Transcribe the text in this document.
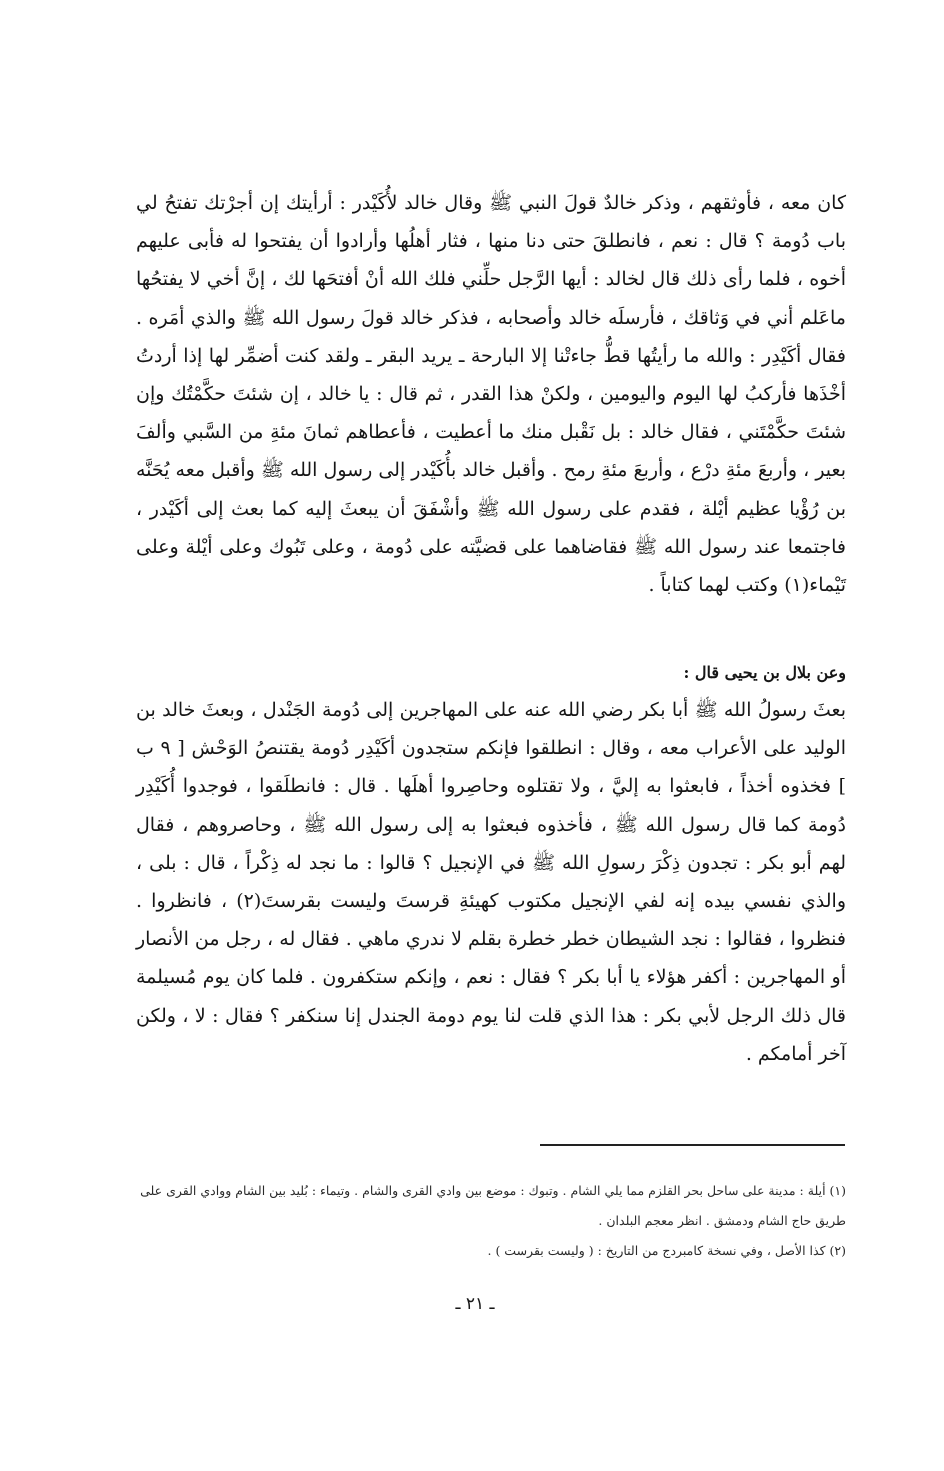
كان معه ، فأوثقهم ، وذكر خالدٌ قولَ النبي ﷺ وقال خالد لأُكَيْدر : أرأيتك إن أجرْتك تفتحُ لي باب دُومة ؟ قال : نعم ، فانطلقَ حتى دنا منها ، فثار أهلُها وأرادوا أن يفتحوا له فأبى عليهم أخوه ، فلما رأى ذلك قال لخالد : أيها الرَّجل حلِّني فلك الله أنْ أفتحَها لك ، إنَّ أخي لا يفتحُها ماعَلم أني في وَثاقك ، فأرسلَه خالد وأصحابه ، فذكر خالد قولَ رسول الله ﷺ والذي أمَره . فقال أكَيْدِر : والله ما رأيتُها قطُّ جاءتْنا إلا البارحة ـ يريد البقر ـ ولقد كنت أضمِّر لها إذا أردتُ أخْذَها فأركبُ لها اليوم واليومين ، ولكنْ هذا القدر ، ثم قال : يا خالد ، إن شئتَ حكَّمْتُك وإن شئتَ حكَّمْتَني ، فقال خالد : بل نَقْبل منك ما أعطيت ، فأعطاهم ثمانَ مئةِ من السَّبي وألفَ بعير ، وأربعَ مئةِ درْع ، وأربعَ مئةِ رمح . وأقبل خالد بأُكَيْدر إلى رسول الله ﷺ وأقبل معه يُحَنَّه بن رُؤْيا عظيم أيْلة ، فقدم على رسول الله ﷺ وأشْفَقَ أن يبعثَ إليه كما بعث إلى أكَيْدر ، فاجتمعا عند رسول الله ﷺ فقاضاهما على قضيَّته على دُومة ، وعلى تَبُوك وعلى أيْلة وعلى تَيْماء(١) وكتب لهما كتاباً .

وعن بلال بن يحيى قال :

بعثَ رسولُ الله ﷺ أبا بكر رضي الله عنه على المهاجرين إلى دُومة الجَنْدل ، وبعثَ خالد بن الوليد على الأعراب معه ، وقال : انطلقوا فإنكم ستجدون أكَيْدِر دُومة يقتنصُ الوَحْش [ ٩ ب ] فخذوه أخذاً ، فابعثوا به إليَّ ، ولا تقتلوه وحاصِروا أهلَها . قال : فانطلَقوا ، فوجدوا أُكَيْدِر دُومة كما قال رسول الله ﷺ ، فأخذوه فبعثوا به إلى رسول الله ﷺ ، وحاصروهم ، فقال لهم أبو بكر : تجدون ذِكْرَ رسولِ الله ﷺ في الإنجيل ؟ قالوا : ما نجد له ذِكْراً ، قال : بلى ، والذي نفسي بيده إنه لفي الإنجيل مكتوب كهيئةِ قرستَ وليست بقرستَ(٢) ، فانظروا . فنظروا ، فقالوا : نجد الشيطان خطر خطرة بقلم لا ندري ماهي . فقال له ، رجل من الأنصار أو المهاجرين : أكفر هؤلاء يا أبا بكر ؟ فقال : نعم ، وإنكم ستكفرون . فلما كان يوم مُسيلمة قال ذلك الرجل لأبي بكر : هذا الذي قلت لنا يوم دومة الجندل إنا سنكفر ؟ فقال : لا ، ولكن آخر أمامكم .

(١) أيلة : مدينة على ساحل بحر القلزم مما يلي الشام . وتبوك : موضع بين وادي القرى والشام . وتيماء : بُليد بين الشام ووادي القرى على طريق حاج الشام ودمشق . انظر معجم البلدان .

(٢) كذا الأصل ، وفي نسخة كامبردج من التاريخ : ( وليست بقرست ) .

ـ ٢١ ـ
